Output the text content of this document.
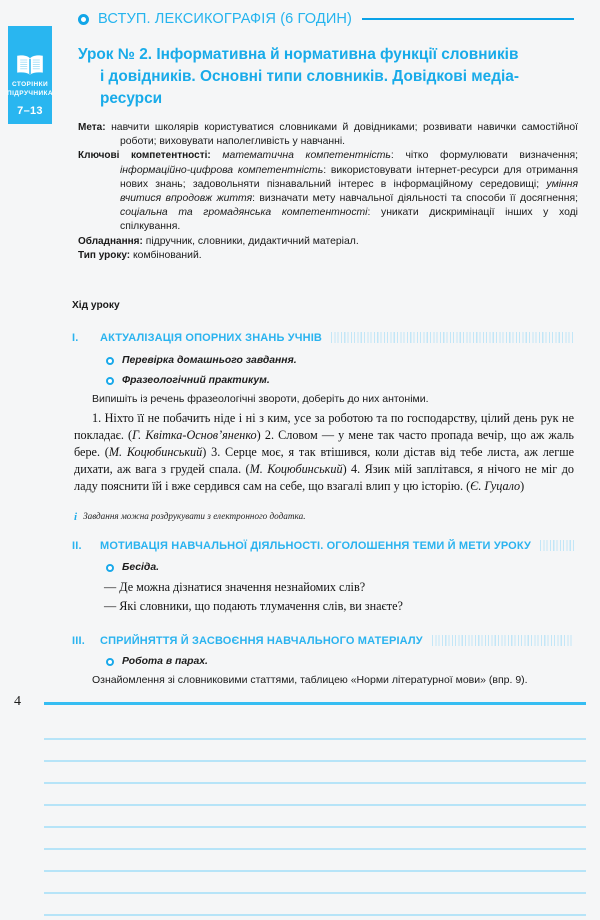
СТОРІНКИ
ПІДРУЧНИКА
7–13
ВСТУП. ЛЕКСИКОГРАФІЯ (6 ГОДИН)
Урок № 2. Інформативна й нормативна функції словників
і довідників. Основні типи словників. Довідкові медіа-
ресурси

Мета: навчити школярів користуватися словниками й довідниками; розвивати навички самостійної роботи; виховувати наполегливість у навчанні.

Ключові компетентності: математична компетентність: чітко формулювати визначення; інформаційно-цифрова компетентність: використовувати інтернет-ресурси для отримання нових знань; задовольняти пізнавальний інтерес в інформаційному середовищі; уміння вчитися впродовж життя: визначати мету навчальної діяльності та способи її досягнення; соціальна та громадянська компетентності: уникати дискримінації інших у ході спілкування.

Обладнання: підручник, словники, дидактичний матеріал.

Тип уроку: комбінований.

Хід уроку
I.	АКТУАЛІЗАЦІЯ ОПОРНИХ ЗНАНЬ УЧНІВ
Перевірка домашнього завдання.
Фразеологічний практикум.
Випишіть із речень фразеологічні звороти, доберіть до них антоніми.
1. Ніхто її не побачить ніде і ні з ким, усе за роботою та по господарству, цілий день рук не покладає. (Г. Квітка-Основ’яненко) 2. Словом — у мене так часто пропада вечір, що аж жаль бере. (М. Коцюбинський) 3. Серце моє, я так втішився, коли дістав від тебе листа, аж легше дихати, аж вага з грудей спала. (М. Коцюбинський) 4. Язик мій заплітався, я нічого не міг до ладу пояснити їй і вже сердився сам на себе, що взагалі влип у цю історію. (Є. Гуцало)
i Завдання можна роздрукувати з електронного додатка.
II.	МОТИВАЦІЯ НАВЧАЛЬНОЇ ДІЯЛЬНОСТІ. ОГОЛОШЕННЯ ТЕМИ Й МЕТИ УРОКУ
Бесіда.
— Де можна дізнатися значення незнайомих слів?
— Які словники, що подають тлумачення слів, ви знаєте?
III.	СПРИЙНЯТТЯ Й ЗАСВОЄННЯ НАВЧАЛЬНОГО МАТЕРІАЛУ
Робота в парах.
Ознайомлення зі словниковими статтями, таблицею «Норми літературної мови» (впр. 9).
4
